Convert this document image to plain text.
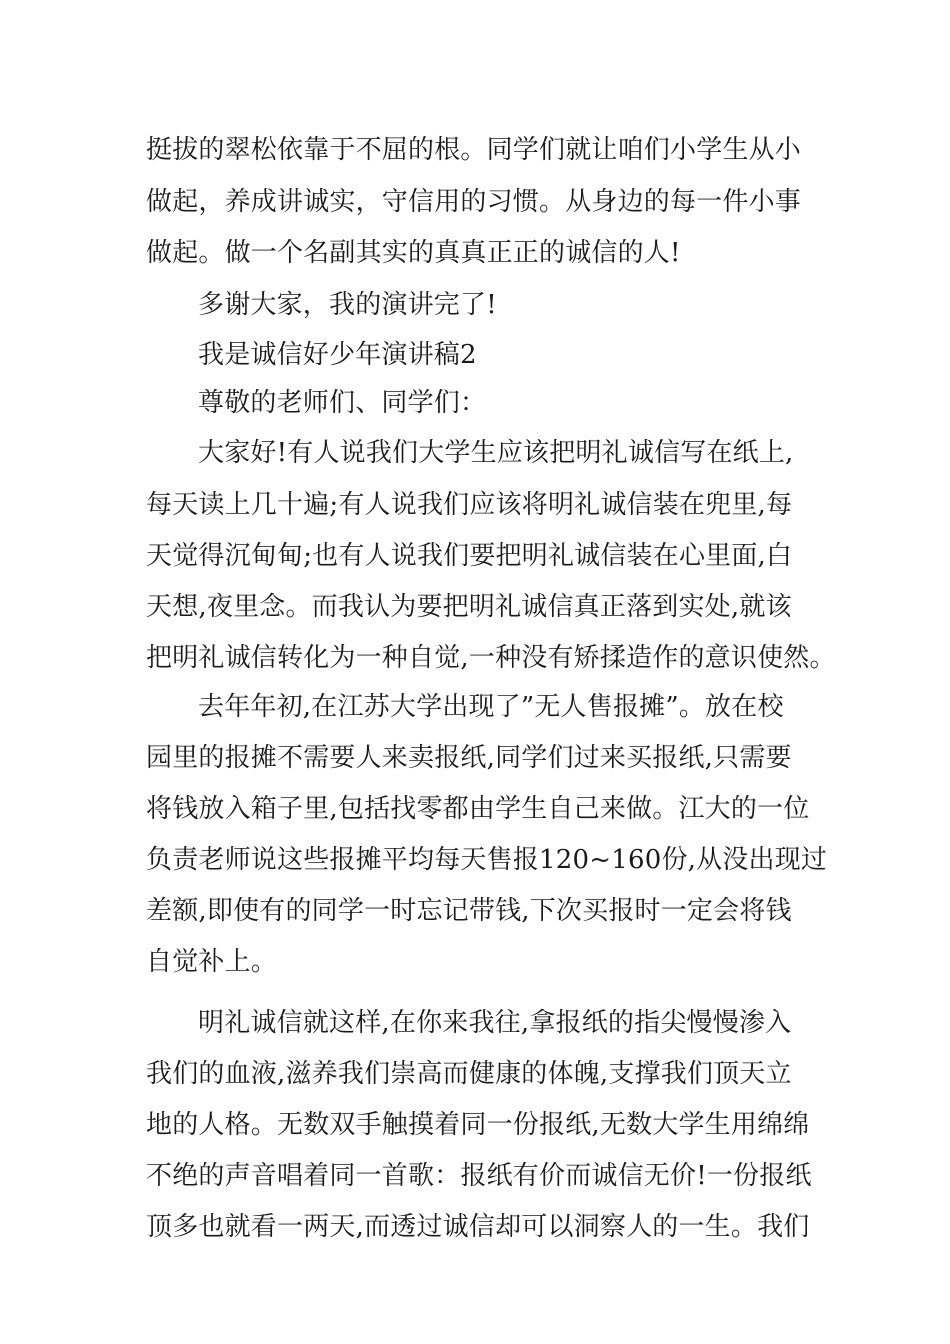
挺拔的翠松依靠于不屈的根。同学们就让咱们小学生从小
做起，养成讲诚实，守信用的习惯。从身边的每一件小事
做起。做一个名副其实的真真正正的诚信的人!
多谢大家，我的演讲完了!
我是诚信好少年演讲稿2
尊敬的老师们、同学们：
大家好!有人说我们大学生应该把明礼诚信写在纸上,
每天读上几十遍;有人说我们应该将明礼诚信装在兜里,每
天觉得沉甸甸;也有人说我们要把明礼诚信装在心里面,白
天想,夜里念。而我认为要把明礼诚信真正落到实处,就该
把明礼诚信转化为一种自觉,一种没有矫揉造作的意识使然。
去年年初,在江苏大学出现了”无人售报摊”。放在校
园里的报摊不需要人来卖报纸,同学们过来买报纸,只需要
将钱放入箱子里,包括找零都由学生自己来做。江大的一位
负责老师说这些报摊平均每天售报120~160份,从没出现过
差额,即使有的同学一时忘记带钱,下次买报时一定会将钱
自觉补上。
明礼诚信就这样,在你来我往,拿报纸的指尖慢慢渗入
我们的血液,滋养我们崇高而健康的体魄,支撑我们顶天立
地的人格。无数双手触摸着同一份报纸,无数大学生用绵绵
不绝的声音唱着同一首歌：报纸有价而诚信无价!一份报纸
顶多也就看一两天,而透过诚信却可以洞察人的一生。我们
